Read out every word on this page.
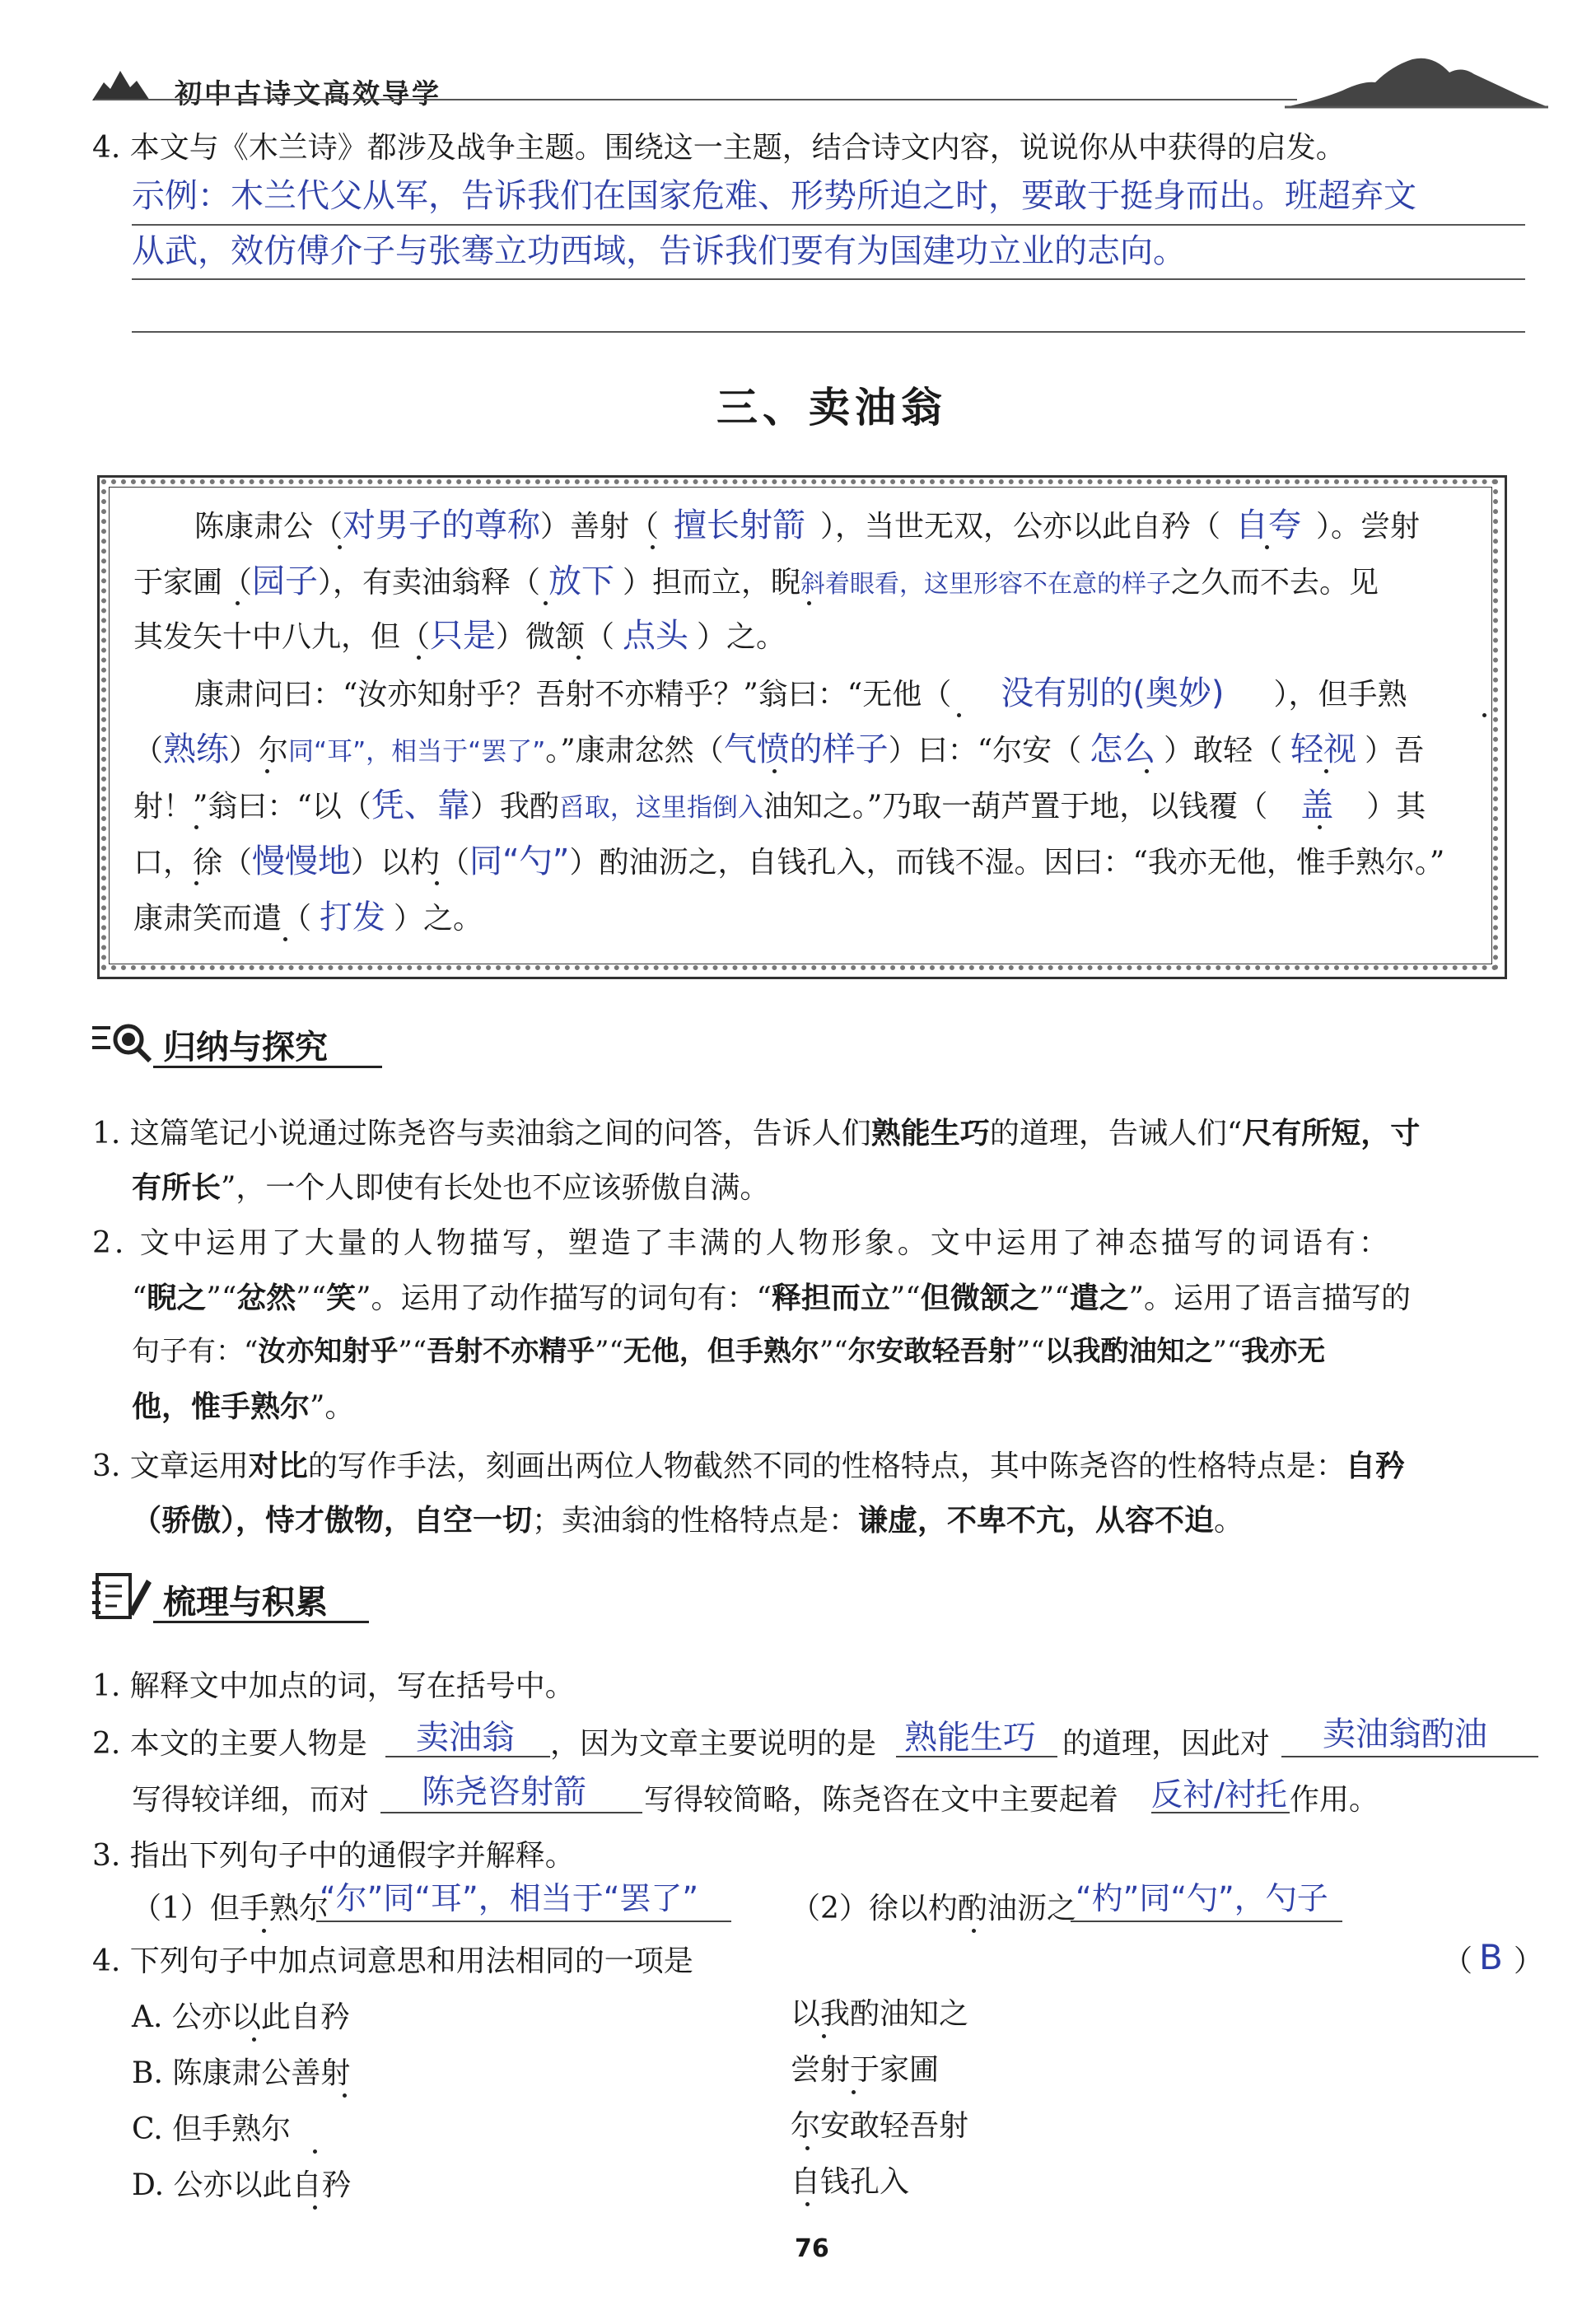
初中古诗文高效导学
4. 本文与《木兰诗》都涉及战争主题。围绕这一主题，结合诗文内容，说说你从中获得的启发。
示例：木兰代父从军，告诉我们在国家危难、形势所迫之时，要敢于挺身而出。班超弃文
从武，效仿傅介子与张骞立功西域，告诉我们要有为国建功立业的志向。
三、卖油翁
陈康肃公（对男子的尊称）善射（ 擅长射箭 ），当世无双，公亦以此自矜（ 自夸 ）。尝射
于家圃（园子），有卖油翁释（ 放下 ）担而立，睨斜着眼看，这里形容不在意的样子之久而不去。见
其发矢十中八九，但（只是）微颔（ 点头 ）之。
康肃问曰：“汝亦知射乎？吾射不亦精乎？”翁曰：“无他（ 没有别的(奥妙) ），但手熟
（熟练）尔同“耳”，相当于“罢了”。”康肃忿然（气愤的样子）曰：“尔安（ 怎么 ）敢轻（ 轻视 ）吾
射！”翁曰：“以（凭、靠）我酌舀取，这里指倒入油知之。”乃取一葫芦置于地，以钱覆（ 盖 ）其
口，徐（慢慢地）以杓（同“勺”）酌油沥之，自钱孔入，而钱不湿。因曰：“我亦无他，惟手熟尔。”
康肃笑而遣（ 打发 ）之。
归纳与探究
1. 这篇笔记小说通过陈尧咨与卖油翁之间的问答，告诉人们熟能生巧的道理，告诫人们“尺有所短，寸
有所长”，一个人即使有长处也不应该骄傲自满。
2. 文中运用了大量的人物描写，塑造了丰满的人物形象。文中运用了神态描写的词语有：
“睨之”“忿然”“笑”。运用了动作描写的词句有：“释担而立”“但微颔之”“遣之”。运用了语言描写的
句子有：“汝亦知射乎”“吾射不亦精乎”“无他，但手熟尔”“尔安敢轻吾射”“以我酌油知之”“我亦无
他，惟手熟尔”。
3. 文章运用对比的写作手法，刻画出两位人物截然不同的性格特点，其中陈尧咨的性格特点是：自矜
（骄傲），恃才傲物，自空一切；卖油翁的性格特点是：谦虚，不卑不亢，从容不迫。
梳理与积累
1. 解释文中加点的词，写在括号中。
2. 本文的主要人物是 卖油翁 ，因为文章主要说明的是 熟能生巧 的道理，因此对 卖油翁酌油
写得较详细，而对 陈尧咨射箭 写得较简略，陈尧咨在文中主要起着 反衬/衬托 作用。
3. 指出下列句子中的通假字并解释。
（1）但手熟尔
“尔”同“耳”，相当于“罢了”	（2）徐以杓酌油沥之 “杓”同“勺”，勺子
4. 下列句子中加点词意思和用法相同的一项是	（ B ）
A. 公亦以此自矜	以我酌油知之
B. 陈康肃公善射	尝射于家圃
C. 但手熟尔	尔安敢轻吾射
D. 公亦以此自矜	自钱孔入
76
